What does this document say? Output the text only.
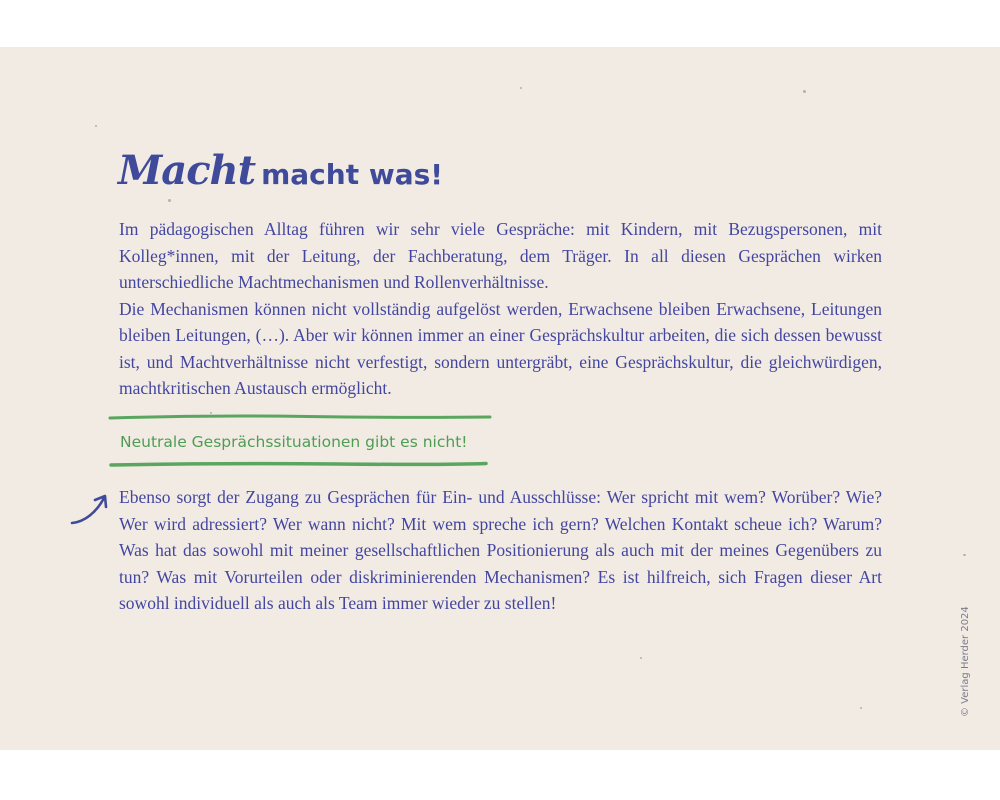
Macht macht was!

Im pädagogischen Alltag führen wir sehr viele Gespräche: mit Kindern, mit Bezugspersonen, mit Kolleg*innen, mit der Leitung, der Fachberatung, dem Träger. In all diesen Gesprächen wirken unterschiedliche Machtmechanismen und Rollenverhältnisse.

Die Mechanismen können nicht vollständig aufgelöst werden, Erwachsene bleiben Erwachsene, Leitungen bleiben Leitungen, (…). Aber wir können immer an einer Gesprächskultur arbeiten, die sich dessen bewusst ist, und Machtverhältnisse nicht verfestigt, sondern untergräbt, eine Gesprächskultur, die gleichwürdigen, machtkritischen Austausch ermöglicht.

Neutrale Gesprächssituationen gibt es nicht!

Ebenso sorgt der Zugang zu Gesprächen für Ein- und Ausschlüsse: Wer spricht mit wem? Worüber? Wie? Wer wird adressiert? Wer wann nicht? Mit wem spreche ich gern? Welchen Kontakt scheue ich? Warum? Was hat das sowohl mit meiner gesellschaftlichen Positionierung als auch mit der meines Gegenübers zu tun? Was mit Vorurteilen oder diskriminierenden Mechanismen? Es ist hilfreich, sich Fragen dieser Art sowohl individuell als auch als Team immer wieder zu stellen!

© Verlag Herder 2024
